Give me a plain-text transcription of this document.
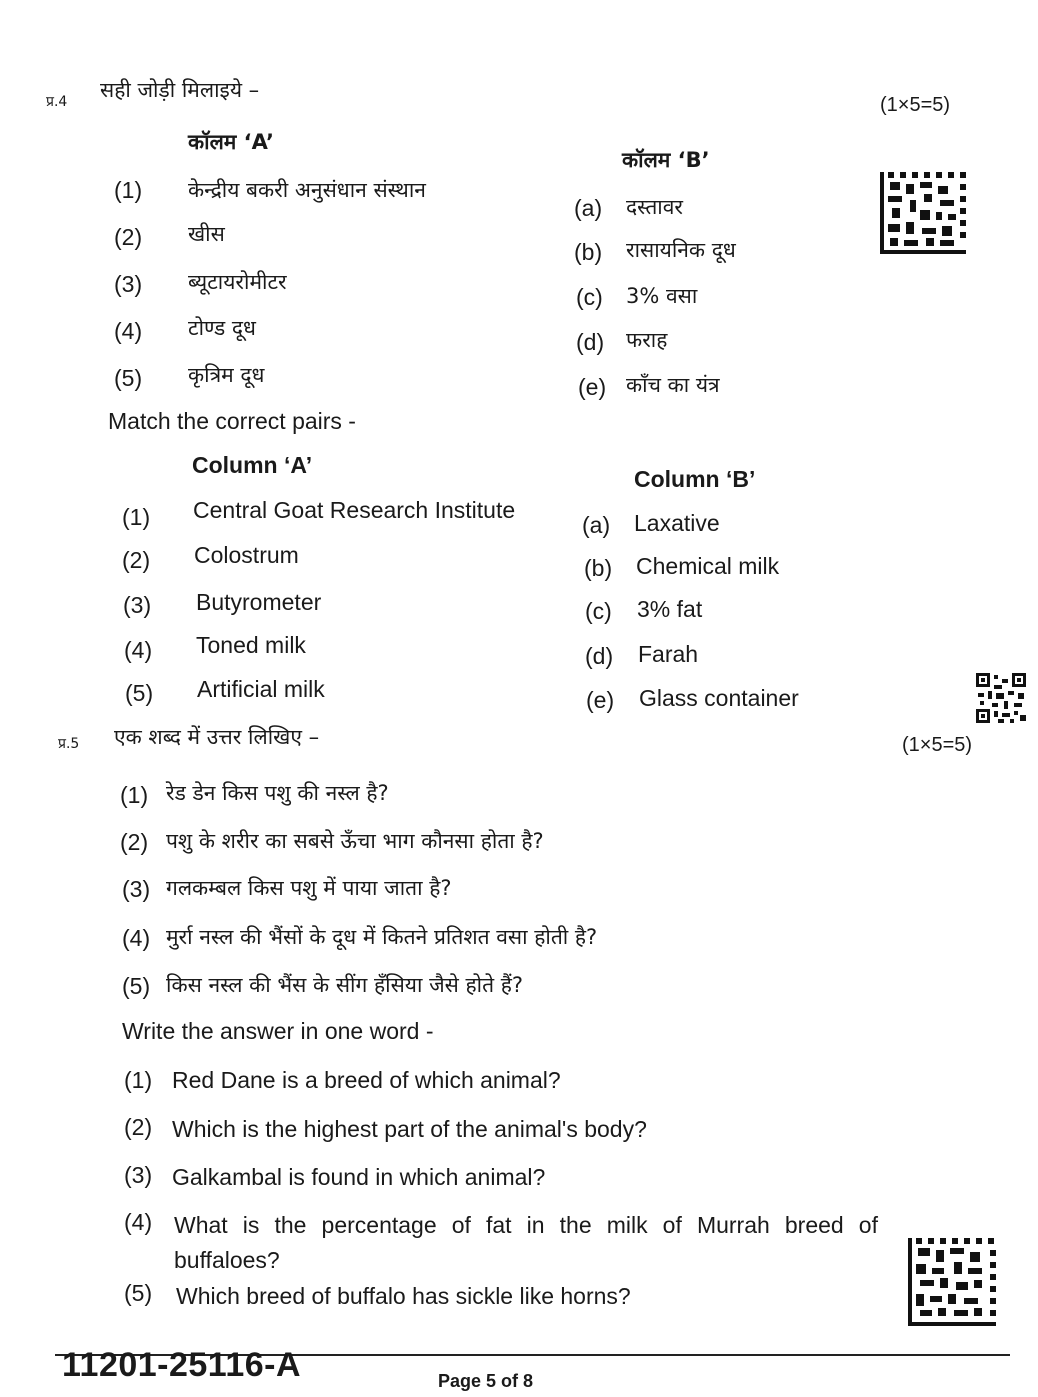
प्र.4 सही जोड़ी मिलाइये –
(1×5=5)
कॉलम ‘A’
कॉलम ‘B’
(1) केन्द्रीय बकरी अनुसंधान संस्थान
(2) खीस
(3) ब्यूटायरोमीटर
(4) टोण्ड दूध
(5) कृत्रिम दूध
(a) दस्तावर
(b) रासायनिक दूध
(c) 3% वसा
(d) फराह
(e) काँच का यंत्र
Match the correct pairs -
Column ‘A’
Column ‘B’
(1) Central Goat Research Institute
(2) Colostrum
(3) Butyrometer
(4) Toned milk
(5) Artificial milk
(a) Laxative
(b) Chemical milk
(c) 3% fat
(d) Farah
(e) Glass container
प्र.5 एक शब्द में उत्तर लिखिए –	(1×5=5)
(1) रेड डेन किस पशु की नस्ल है?
(2) पशु के शरीर का सबसे ऊँचा भाग कौनसा होता है?
(3) गलकम्बल किस पशु में पाया जाता है?
(4) मुर्रा नस्ल की भैंसों के दूध में कितने प्रतिशत वसा होती है?
(5) किस नस्ल की भैंस के सींग हँसिया जैसे होते हैं?
Write the answer in one word -
(1) Red Dane is a breed of which animal?
(2) Which is the highest part of the animal's body?
(3) Galkambal is found in which animal?
(4) What is the percentage of fat in the milk of Murrah breed of
buffaloes?
(5) Which breed of buffalo has sickle like horns?
11201-25116-A	Page 5 of 8
